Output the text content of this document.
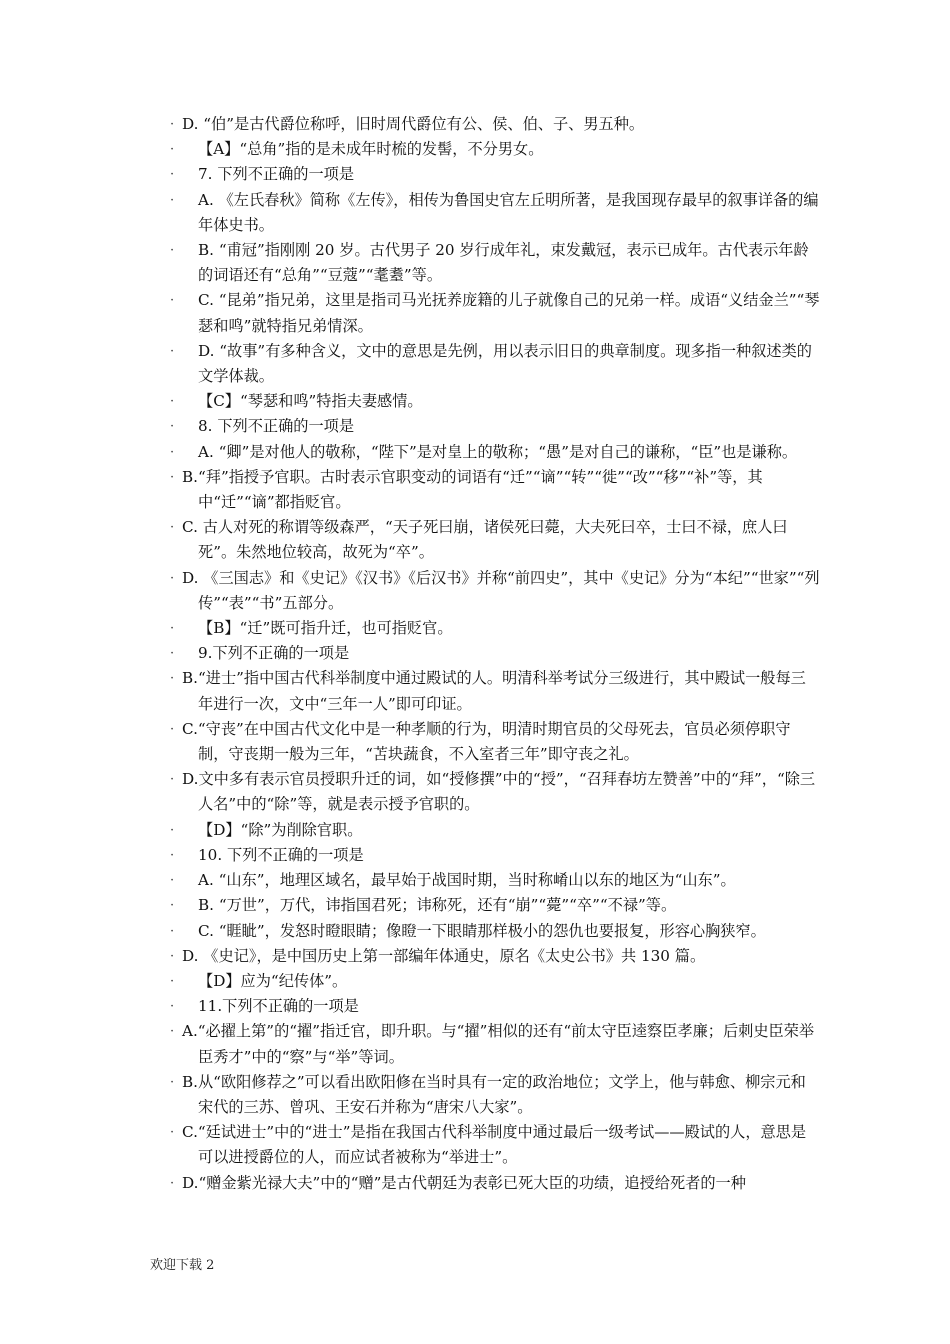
· D. “伯”是古代爵位称呼，旧时周代爵位有公、侯、伯、子、男五种。
·	【A】“总角”指的是未成年时梳的发髻，不分男女。
·	7. 下列不正确的一项是
·	A. 《左氏春秋》简称《左传》，相传为鲁国史官左丘明所著，是我国现存最早的叙事详备的编年体史书。
·	B. “甫冠”指刚刚 20 岁。古代男子 20 岁行成年礼，束发戴冠，表示已成年。古代表示年龄的词语还有“总角”“豆蔻”“耄耋”等。
·	C. “昆弟”指兄弟，这里是指司马光抚养庞籍的儿子就像自己的兄弟一样。成语“义结金兰”“琴瑟和鸣”就特指兄弟情深。
·	D. “故事”有多种含义，文中的意思是先例，用以表示旧日的典章制度。现多指一种叙述类的文学体裁。
·	【C】“琴瑟和鸣”特指夫妻感情。
·	8. 下列不正确的一项是
·	A. “卿”是对他人的敬称，“陛下”是对皇上的敬称；“愚”是对自己的谦称，“臣”也是谦称。
· B.“拜”指授予官职。古时表示官职变动的词语有“迁”“谪”“转”“徙”“改”“移”“补”等，其中“迁”“谪”都指贬官。
· C. 古人对死的称谓等级森严，“天子死曰崩，诸侯死曰薨，大夫死曰卒，士曰不禄，庶人曰死”。朱然地位较高，故死为“卒”。
· D. 《三国志》和《史记》《汉书》《后汉书》并称“前四史”，其中《史记》分为“本纪”“世家”“列传”“表”“书”五部分。
·	【B】“迁”既可指升迁，也可指贬官。
·	9.下列不正确的一项是
· B.“进士”指中国古代科举制度中通过殿试的人。明清科举考试分三级进行，其中殿试一般每三年进行一次，文中“三年一人”即可印证。
· C.“守丧”在中国古代文化中是一种孝顺的行为，明清时期官员的父母死去，官员必须停职守制，守丧期一般为三年，“苫块蔬食，不入室者三年”即守丧之礼。
· D.文中多有表示官员授职升迁的词，如“授修撰”中的“授”，“召拜春坊左赞善”中的“拜”，“除三人名”中的“除”等，就是表示授予官职的。
·	【D】“除”为削除官职。
·	10. 下列不正确的一项是
·	A. “山东”，地理区域名，最早始于战国时期，当时称崤山以东的地区为“山东”。
·	B. “万世”，万代，讳指国君死；讳称死，还有“崩”“薨”“卒”“不禄”等。
·	C. “睚眦”，发怒时瞪眼睛；像瞪一下眼睛那样极小的怨仇也要报复，形容心胸狭窄。
· D. 《史记》，是中国历史上第一部编年体通史，原名《太史公书》共 130 篇。
·	【D】应为“纪传体”。
·	11.下列不正确的一项是
· A.“必擢上第”的“擢”指迁官，即升职。与“擢”相似的还有“前太守臣逵察臣孝廉；后刺史臣荣举臣秀才”中的“察”与“举”等词。
· B.从“欧阳修荐之”可以看出欧阳修在当时具有一定的政治地位；文学上，他与韩愈、柳宗元和宋代的三苏、曾巩、王安石并称为“唐宋八大家”。
· C.“廷试进士”中的“进士”是指在我国古代科举制度中通过最后一级考试——殿试的人，意思是可以进授爵位的人，而应试者被称为“举进士”。
· D.“赠金紫光禄大夫”中的“赠”是古代朝廷为表彰已死大臣的功绩，追授给死者的一种
欢迎下载 2
